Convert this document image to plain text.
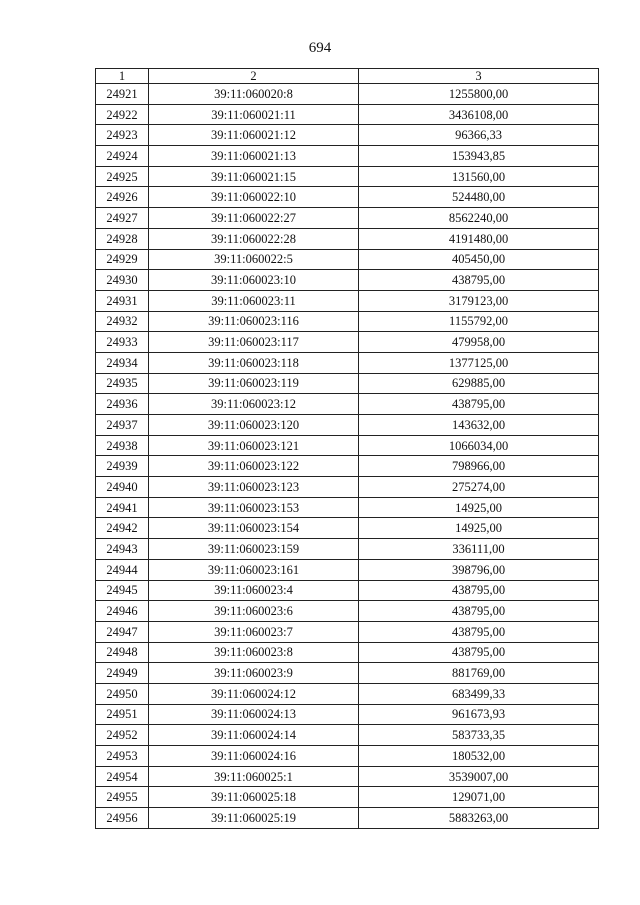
694
1	2	3
24921	39:11:060020:8	1255800,00
24922	39:11:060021:11	3436108,00
24923	39:11:060021:12	96366,33
24924	39:11:060021:13	153943,85
24925	39:11:060021:15	131560,00
24926	39:11:060022:10	524480,00
24927	39:11:060022:27	8562240,00
24928	39:11:060022:28	4191480,00
24929	39:11:060022:5	405450,00
24930	39:11:060023:10	438795,00
24931	39:11:060023:11	3179123,00
24932	39:11:060023:116	1155792,00
24933	39:11:060023:117	479958,00
24934	39:11:060023:118	1377125,00
24935	39:11:060023:119	629885,00
24936	39:11:060023:12	438795,00
24937	39:11:060023:120	143632,00
24938	39:11:060023:121	1066034,00
24939	39:11:060023:122	798966,00
24940	39:11:060023:123	275274,00
24941	39:11:060023:153	14925,00
24942	39:11:060023:154	14925,00
24943	39:11:060023:159	336111,00
24944	39:11:060023:161	398796,00
24945	39:11:060023:4	438795,00
24946	39:11:060023:6	438795,00
24947	39:11:060023:7	438795,00
24948	39:11:060023:8	438795,00
24949	39:11:060023:9	881769,00
24950	39:11:060024:12	683499,33
24951	39:11:060024:13	961673,93
24952	39:11:060024:14	583733,35
24953	39:11:060024:16	180532,00
24954	39:11:060025:1	3539007,00
24955	39:11:060025:18	129071,00
24956	39:11:060025:19	5883263,00
